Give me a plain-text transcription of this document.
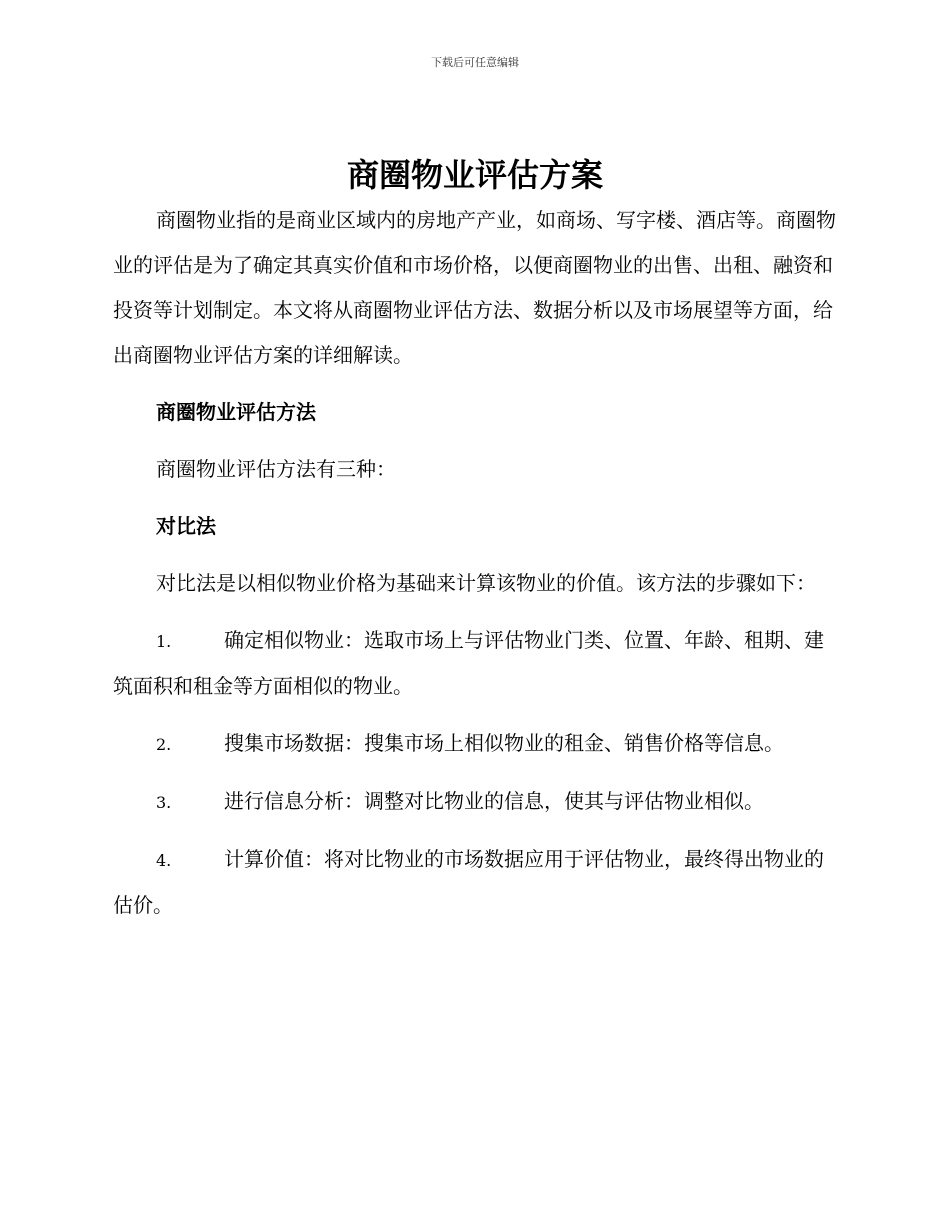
下载后可任意编辑
商圈物业评估方案

商圈物业指的是商业区域内的房地产产业，如商场、写字楼、酒店等。商圈物业的评估是为了确定其真实价值和市场价格，以便商圈物业的出售、出租、融资和投资等计划制定。本文将从商圈物业评估方法、数据分析以及市场展望等方面，给出商圈物业评估方案的详细解读。

商圈物业评估方法

商圈物业评估方法有三种：

对比法

对比法是以相似物业价格为基础来计算该物业的价值。该方法的步骤如下：

1.	确定相似物业：选取市场上与评估物业门类、位置、年龄、租期、建筑面积和租金等方面相似的物业。

2.	搜集市场数据：搜集市场上相似物业的租金、销售价格等信息。

3.	进行信息分析：调整对比物业的信息，使其与评估物业相似。

4.	计算价值：将对比物业的市场数据应用于评估物业，最终得出物业的估价。
